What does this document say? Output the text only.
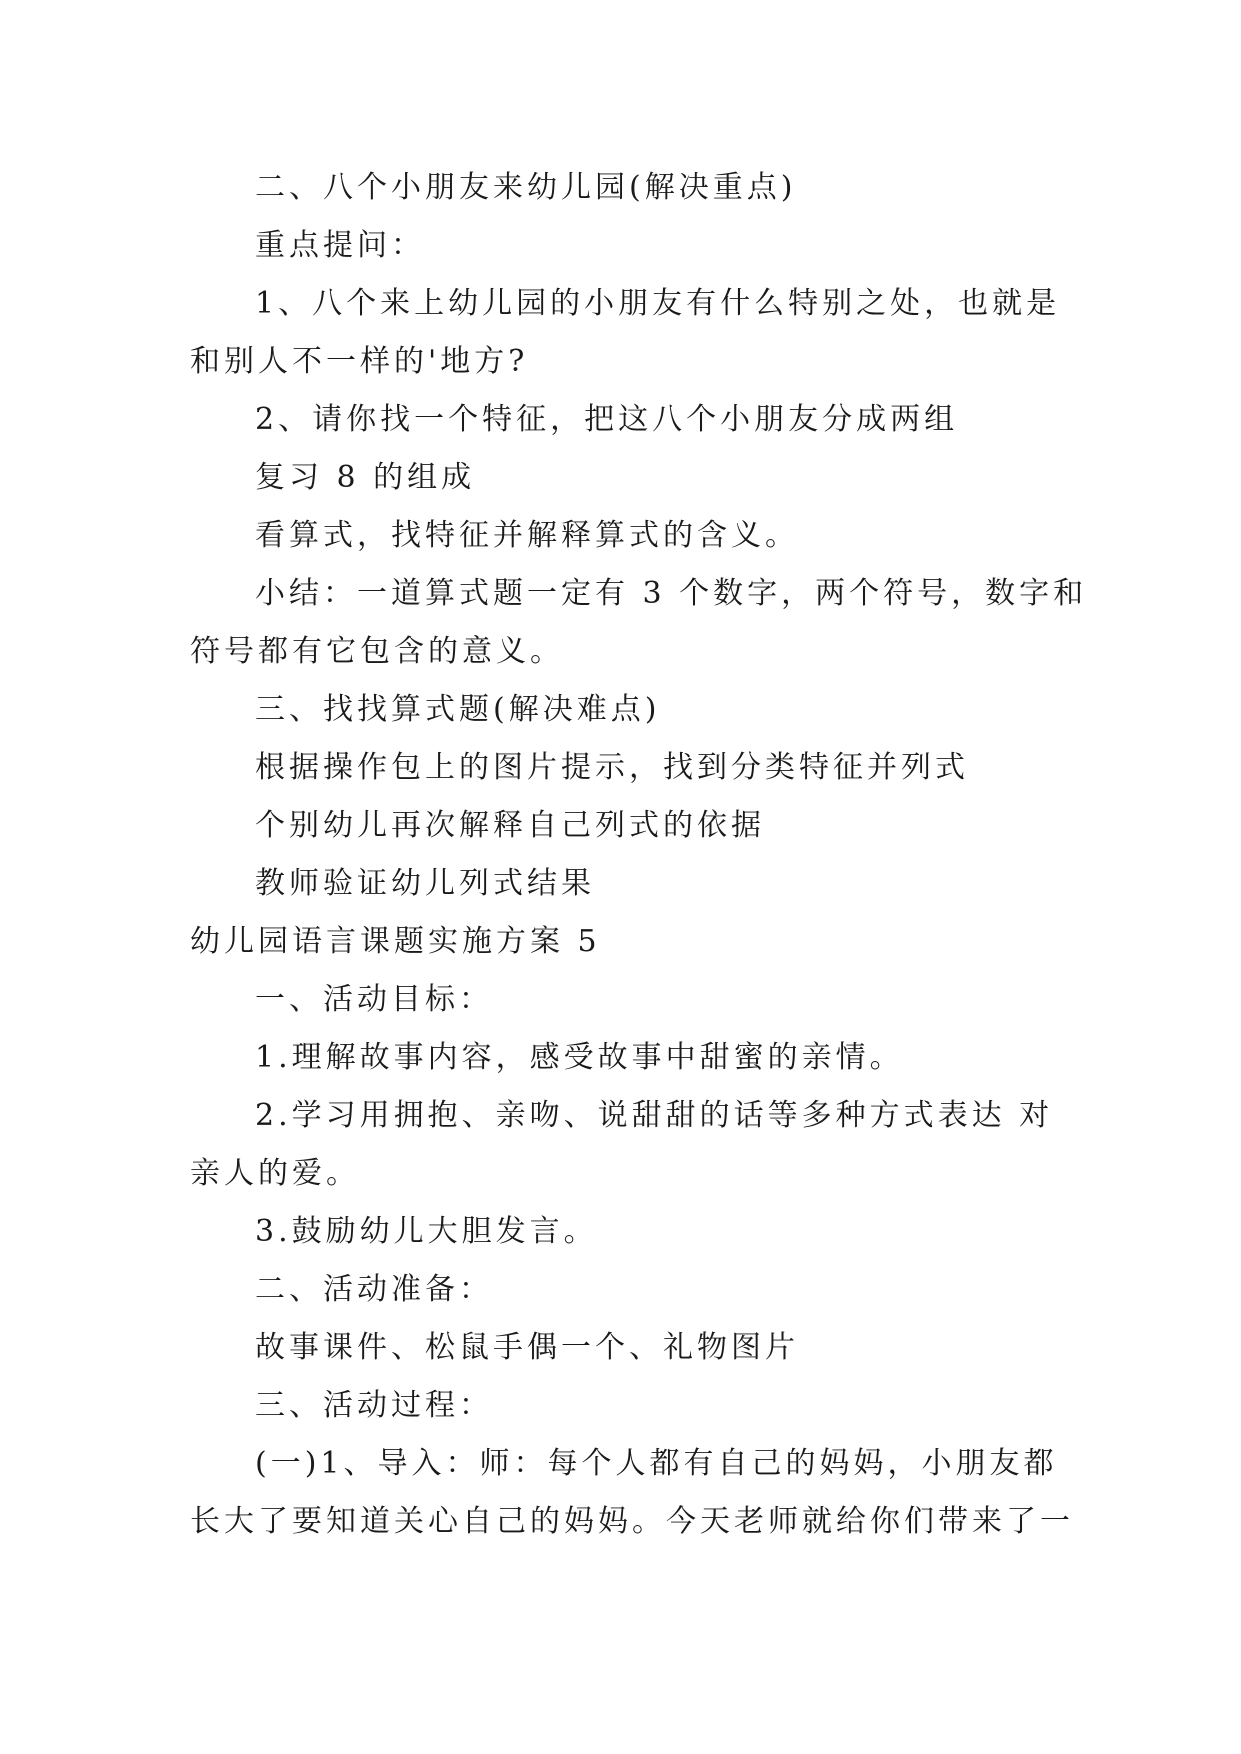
二、八个小朋友来幼儿园(解决重点)
重点提问：
1、八个来上幼儿园的小朋友有什么特别之处，也就是
和别人不一样的'地方?
2、请你找一个特征，把这八个小朋友分成两组
复习 8 的组成
看算式，找特征并解释算式的含义。
小结：一道算式题一定有 3 个数字，两个符号，数字和
符号都有它包含的意义。
三、找找算式题(解决难点)
根据操作包上的图片提示，找到分类特征并列式
个别幼儿再次解释自己列式的依据
教师验证幼儿列式结果
幼儿园语言课题实施方案 5
一、活动目标：
1.理解故事内容，感受故事中甜蜜的亲情。
2.学习用拥抱、亲吻、说甜甜的话等多种方式表达 对
亲人的爱。
3.鼓励幼儿大胆发言。
二、活动准备：
故事课件、松鼠手偶一个、礼物图片
三、活动过程：
(一)1、导入：师：每个人都有自己的妈妈，小朋友都
长大了要知道关心自己的妈妈。今天老师就给你们带来了一
